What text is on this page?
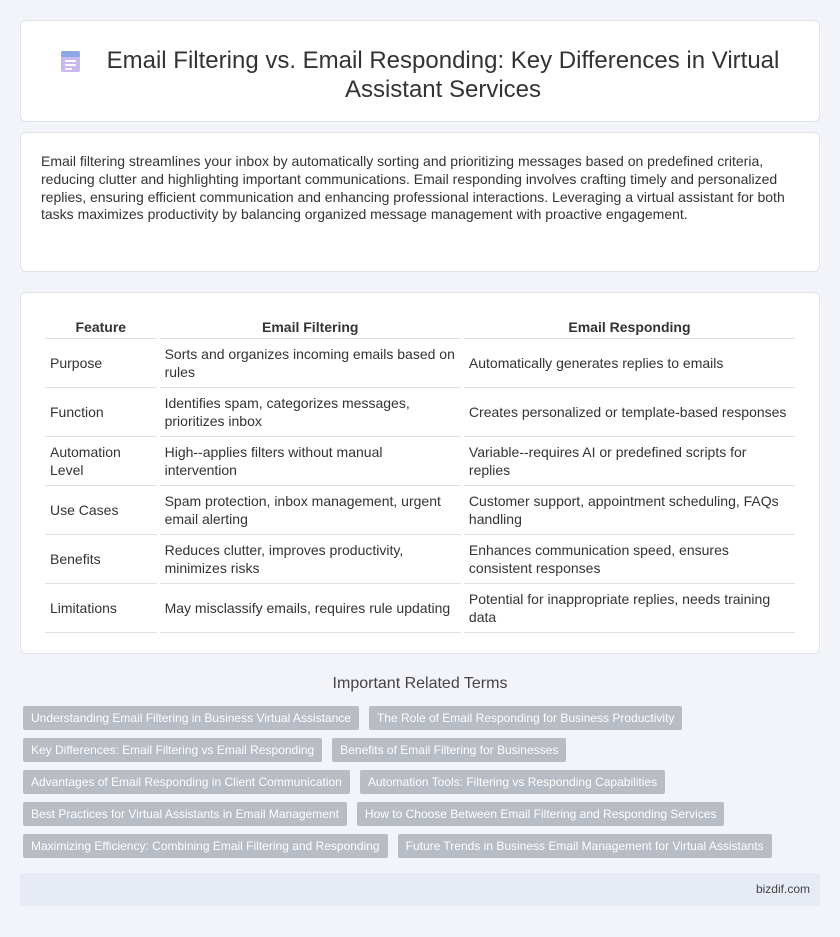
Email Filtering vs. Email Responding: Key Differences in Virtual Assistant Services

Email filtering streamlines your inbox by automatically sorting and prioritizing messages based on predefined criteria, reducing clutter and highlighting important communications. Email responding involves crafting timely and personalized replies, ensuring efficient communication and enhancing professional interactions. Leveraging a virtual assistant for both tasks maximizes productivity by balancing organized message management with proactive engagement.

Feature	Email Filtering	Email Responding
Purpose	Sorts and organizes incoming emails based on rules	Automatically generates replies to emails
Function	Identifies spam, categorizes messages, prioritizes inbox	Creates personalized or template-based responses
Automation Level	High--applies filters without manual intervention	Variable--requires AI or predefined scripts for replies
Use Cases	Spam protection, inbox management, urgent email alerting	Customer support, appointment scheduling, FAQs handling
Benefits	Reduces clutter, improves productivity, minimizes risks	Enhances communication speed, ensures consistent responses
Limitations	May misclassify emails, requires rule updating	Potential for inappropriate replies, needs training data
Important Related Terms
Understanding Email Filtering in Business Virtual Assistance	The Role of Email Responding for Business Productivity
Key Differences: Email Filtering vs Email Responding	Benefits of Email Filtering for Businesses
Advantages of Email Responding in Client Communication	Automation Tools: Filtering vs Responding Capabilities
Best Practices for Virtual Assistants in Email Management	How to Choose Between Email Filtering and Responding Services
Maximizing Efficiency: Combining Email Filtering and Responding	Future Trends in Business Email Management for Virtual Assistants
bizdif.com
